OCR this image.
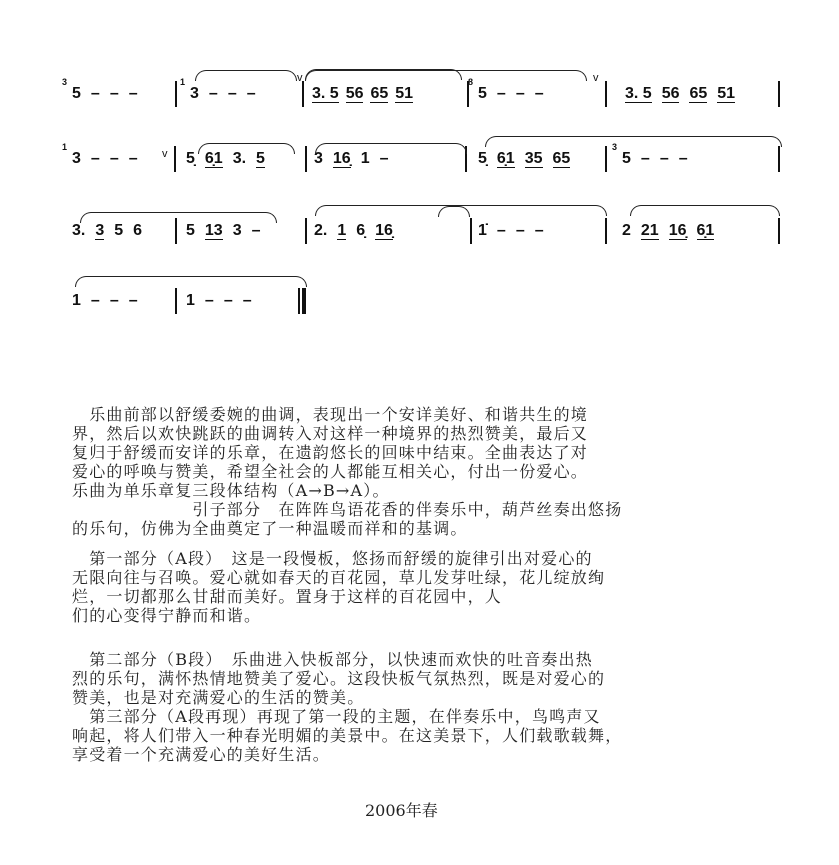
5 – – –
3
3 – – –
1
3. 5 56 65 51	5 – – –
8
3. 5 56 65 51
3 – – –
1
5̣ 6̣1 3. 5	3 16̣ 1 –	5̣ 6̣1 35 65	5 – – –
3
3. 3 5 6	5 13 3 –	2. 1 6̣ 16̣	1̇ – – –	2 21 16̣ 6̣1
1 – – –	1 – – –
v	v
v
　乐曲前部以舒缓委婉的曲调，表现出一个安详美好、和谐共生的境
界，然后以欢快跳跃的曲调转入对这样一种境界的热烈赞美，最后又
复归于舒缓而安详的乐章，在遗韵悠长的回味中结束。全曲表达了对
爱心的呼唤与赞美，希望全社会的人都能互相关心，付出一份爱心。
乐曲为单乐章复三段体结构（A→B→A）。
　　　　　　　引子部分　在阵阵鸟语花香的伴奏乐中，葫芦丝奏出悠扬
的乐句，仿佛为全曲奠定了一种温暖而祥和的基调。
　第一部分（A段）　这是一段慢板，悠扬而舒缓的旋律引出对爱心的
无限向往与召唤。爱心就如春天的百花园，草儿发芽吐绿，花儿绽放绚
烂，一切都那么甘甜而美好。置身于这样的百花园中，人
们的心变得宁静而和谐。
　第二部分（B段）　乐曲进入快板部分，以快速而欢快的吐音奏出热
烈的乐句，满怀热情地赞美了爱心。这段快板气氛热烈，既是对爱心的
赞美，也是对充满爱心的生活的赞美。
　第三部分（A段再现）再现了第一段的主题，在伴奏乐中，鸟鸣声又
响起，将人们带入一种春光明媚的美景中。在这美景下，人们载歌载舞，
享受着一个充满爱心的美好生活。
2006年春
